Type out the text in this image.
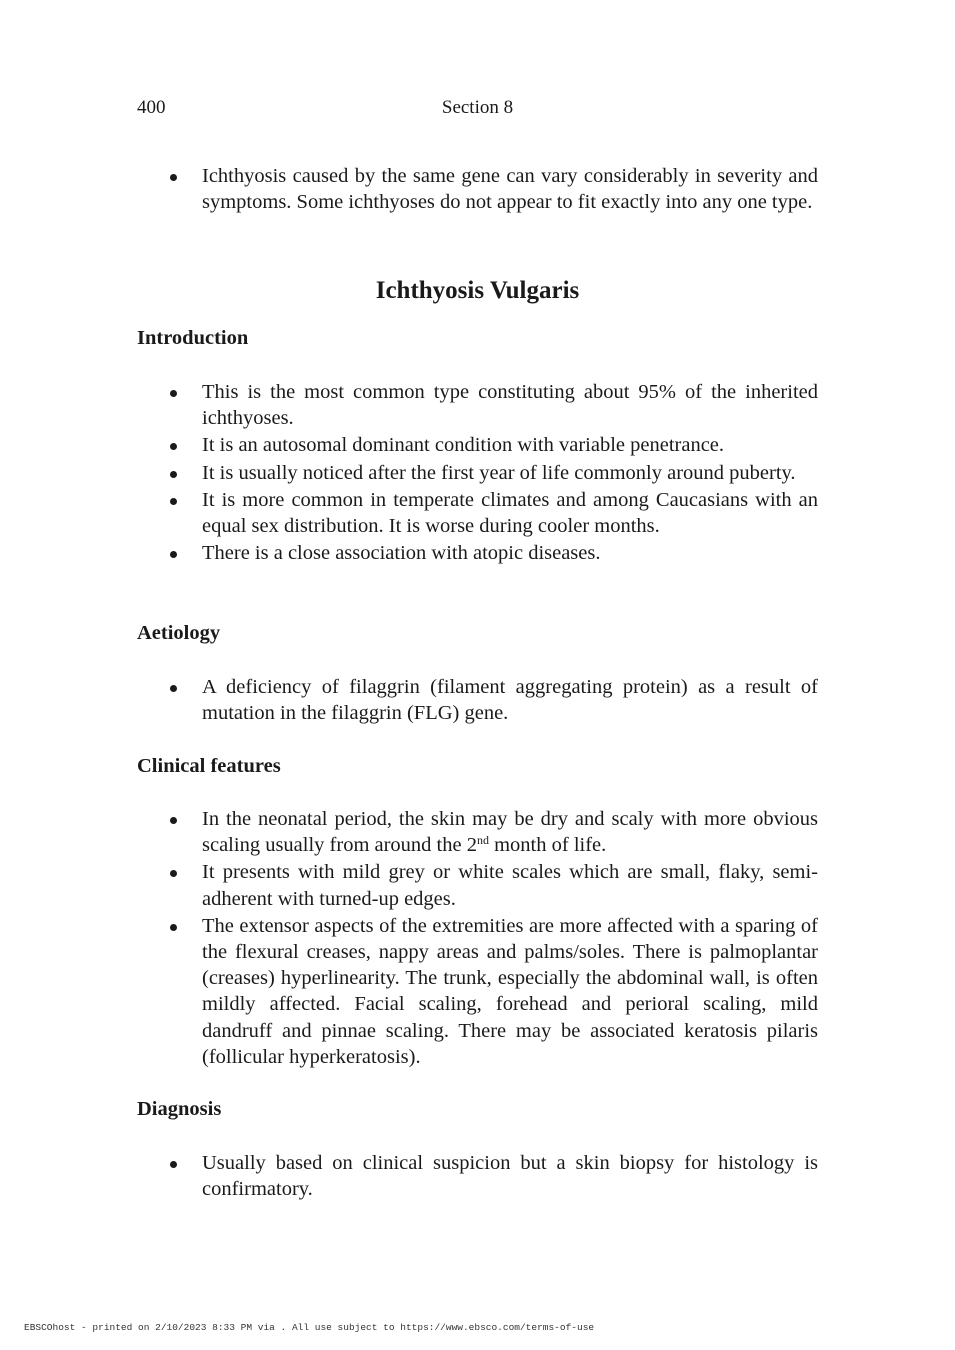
400	Section 8
Ichthyosis caused by the same gene can vary considerably in severity and symptoms. Some ichthyoses do not appear to fit exactly into any one type.
Ichthyosis Vulgaris
Introduction
This is the most common type constituting about 95% of the inherited ichthyoses.
It is an autosomal dominant condition with variable penetrance.
It is usually noticed after the first year of life commonly around puberty.
It is more common in temperate climates and among Caucasians with an equal sex distribution. It is worse during cooler months.
There is a close association with atopic diseases.
Aetiology
A deficiency of filaggrin (filament aggregating protein) as a result of mutation in the filaggrin (FLG) gene.
Clinical features
In the neonatal period, the skin may be dry and scaly with more obvious scaling usually from around the 2nd month of life.
It presents with mild grey or white scales which are small, flaky, semi-adherent with turned-up edges.
The extensor aspects of the extremities are more affected with a sparing of the flexural creases, nappy areas and palms/soles. There is palmoplantar (creases) hyperlinearity. The trunk, especially the abdominal wall, is often mildly affected. Facial scaling, forehead and perioral scaling, mild dandruff and pinnae scaling. There may be associated keratosis pilaris (follicular hyperkeratosis).
Diagnosis
Usually based on clinical suspicion but a skin biopsy for histology is confirmatory.
EBSCOhost - printed on 2/10/2023 8:33 PM via . All use subject to https://www.ebsco.com/terms-of-use
